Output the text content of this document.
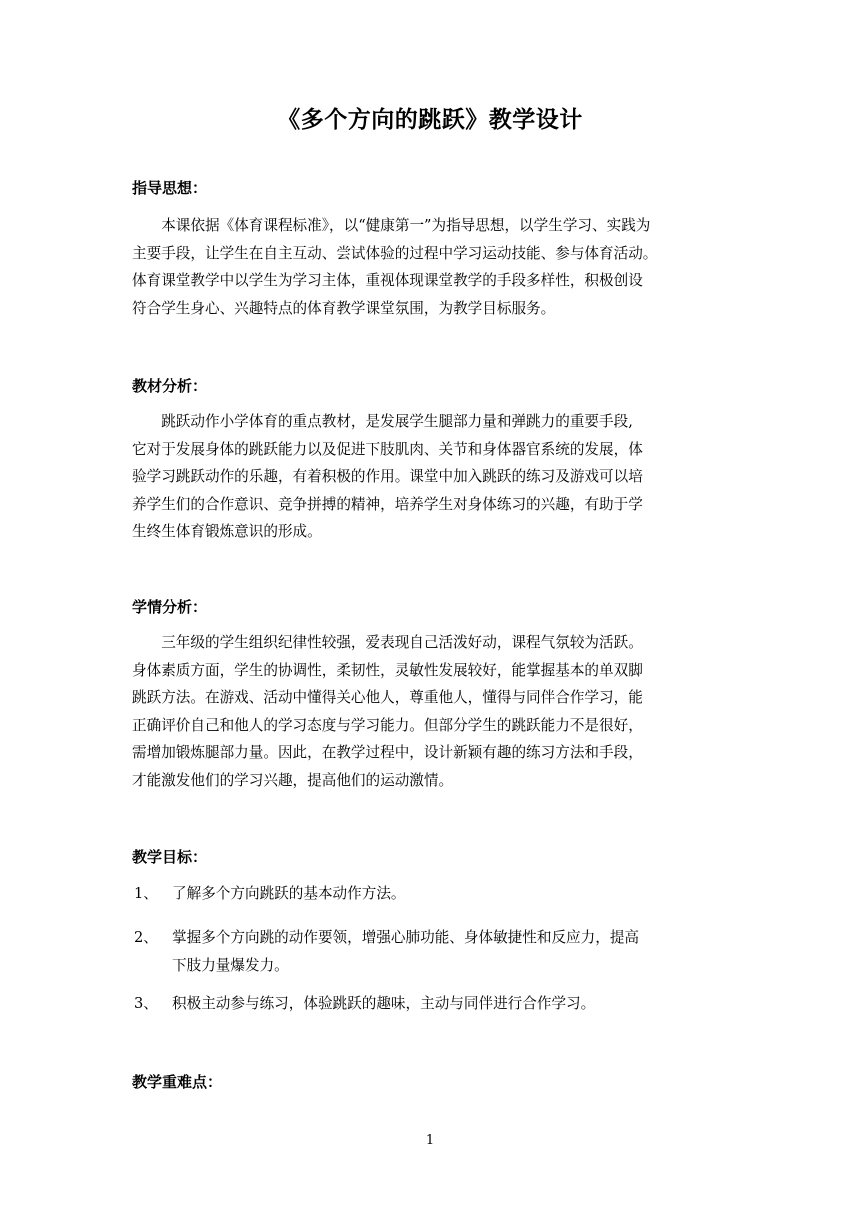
《多个方向的跳跃》教学设计
指导思想：
本课依据《体育课程标准》，以“健康第一”为指导思想，以学生学习、实践为
主要手段，让学生在自主互动、尝试体验的过程中学习运动技能、参与体育活动。
体育课堂教学中以学生为学习主体，重视体现课堂教学的手段多样性，积极创设
符合学生身心、兴趣特点的体育教学课堂氛围，为教学目标服务。
教材分析：
跳跃动作小学体育的重点教材，是发展学生腿部力量和弹跳力的重要手段,
它对于发展身体的跳跃能力以及促进下肢肌肉、关节和身体器官系统的发展，体
验学习跳跃动作的乐趣，有着积极的作用。课堂中加入跳跃的练习及游戏可以培
养学生们的合作意识、竞争拼搏的精神，培养学生对身体练习的兴趣，有助于学
生终生体育锻炼意识的形成。
学情分析：
三年级的学生组织纪律性较强，爱表现自己活泼好动，课程气氛较为活跃。
身体素质方面，学生的协调性，柔韧性，灵敏性发展较好，能掌握基本的单双脚
跳跃方法。在游戏、活动中懂得关心他人，尊重他人，懂得与同伴合作学习，能
正确评价自己和他人的学习态度与学习能力。但部分学生的跳跃能力不是很好，
需增加锻炼腿部力量。因此，在教学过程中，设计新颖有趣的练习方法和手段，
才能激发他们的学习兴趣，提高他们的运动激情。
教学目标：
1、 了解多个方向跳跃的基本动作方法。
2、 掌握多个方向跳的动作要领，增强心肺功能、身体敏捷性和反应力，提高
下肢力量爆发力。
3、 积极主动参与练习，体验跳跃的趣味，主动与同伴进行合作学习。
教学重难点：
1
